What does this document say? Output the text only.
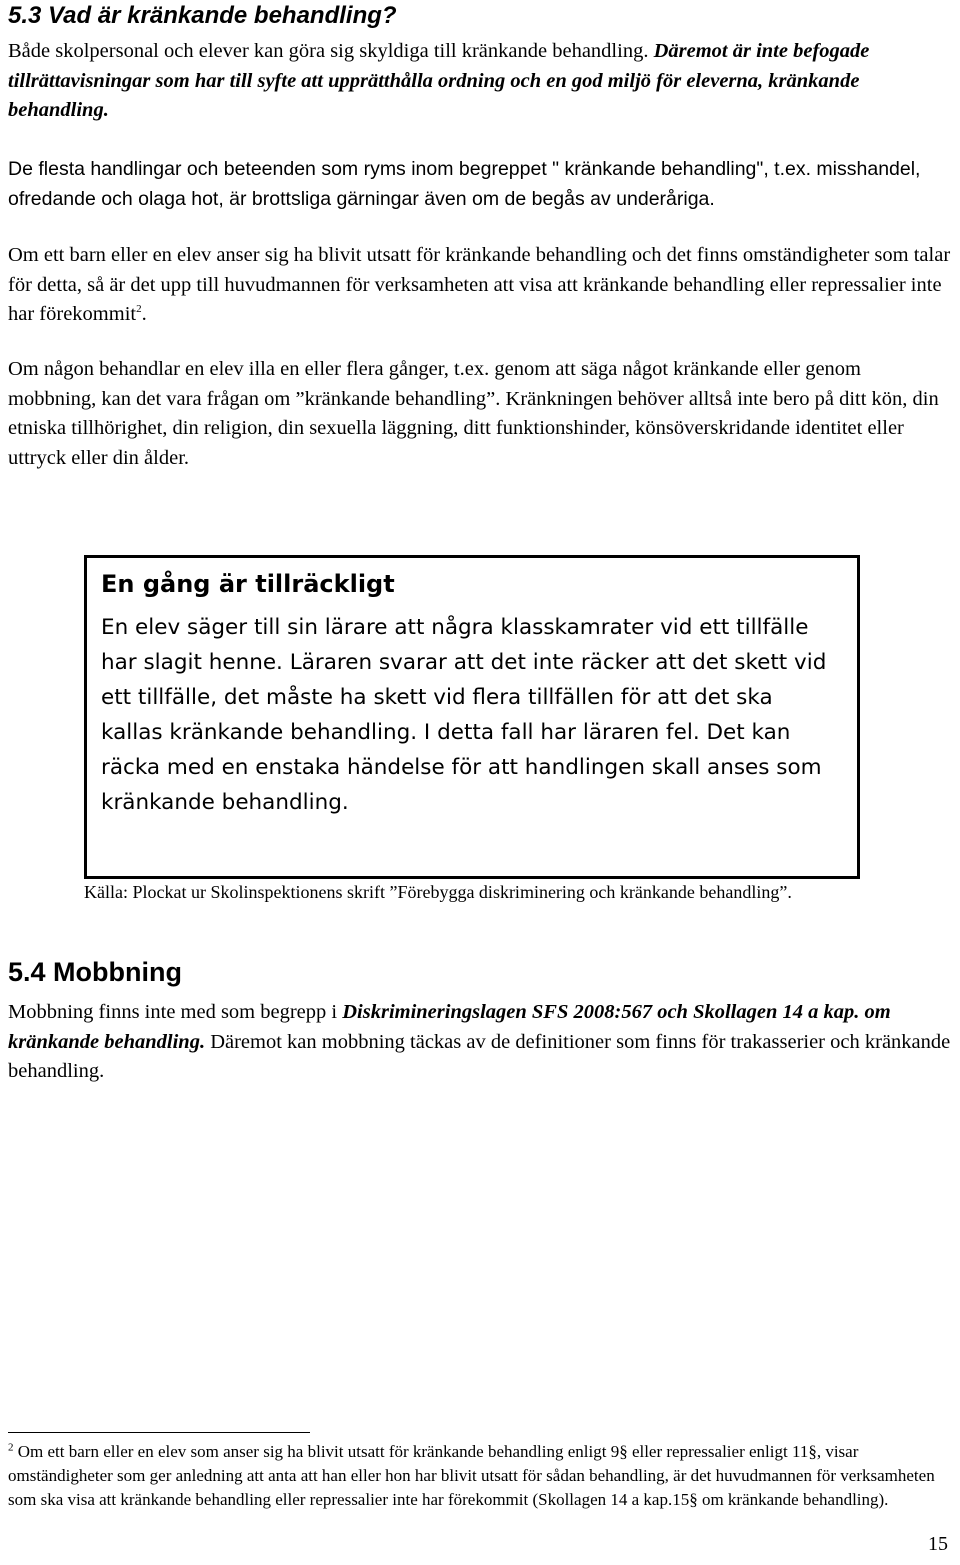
5.3 Vad är kränkande behandling?

Både skolpersonal och elever kan göra sig skyldiga till kränkande behandling. Däremot är inte befogade tillrättavisningar som har till syfte att upprätthålla ordning och en god miljö för eleverna, kränkande behandling.

De flesta handlingar och beteenden som ryms inom begreppet " kränkande behandling", t.ex. misshandel, ofredande och olaga hot, är brottsliga gärningar även om de begås av underåriga.

Om ett barn eller en elev anser sig ha blivit utsatt för kränkande behandling och det finns omständigheter som talar för detta, så är det upp till huvudmannen för verksamheten att visa att kränkande behandling eller repressalier inte har förekommit$^2$.

Om någon behandlar en elev illa en eller flera gånger, t.ex. genom att säga något kränkande eller genom mobbning, kan det vara frågan om ”kränkande behandling”. Kränkningen behöver alltså inte bero på ditt kön, din etniska tillhörighet, din religion, din sexuella läggning, ditt funktionshinder, könsöverskridande identitet eller uttryck eller din ålder.

En gång är tillräckligt
En elev säger till sin lärare att några klasskamrater vid ett tillfälle har slagit henne. Läraren svarar att det inte räcker att det skett vid ett tillfälle, det måste ha skett vid flera tillfällen för att det ska kallas kränkande behandling. I detta fall har läraren fel. Det kan räcka med en enstaka händelse för att handlingen skall anses som kränkande behandling.

Källa: Plockat ur Skolinspektionens skrift ”Förebygga diskriminering och kränkande behandling”.

5.4 Mobbning

Mobbning finns inte med som begrepp i Diskrimineringslagen SFS 2008:567 och Skollagen 14 a kap. om kränkande behandling. Däremot kan mobbning täckas av de definitioner som finns för trakasserier och kränkande behandling.

$^2$ Om ett barn eller en elev som anser sig ha blivit utsatt för kränkande behandling enligt 9§ eller repressalier enligt 11§, visar omständigheter som ger anledning att anta att han eller hon har blivit utsatt för sådan behandling, är det huvudmannen för verksamheten som ska visa att kränkande behandling eller repressalier inte har förekommit (Skollagen 14 a kap.15§ om kränkande behandling).

15
